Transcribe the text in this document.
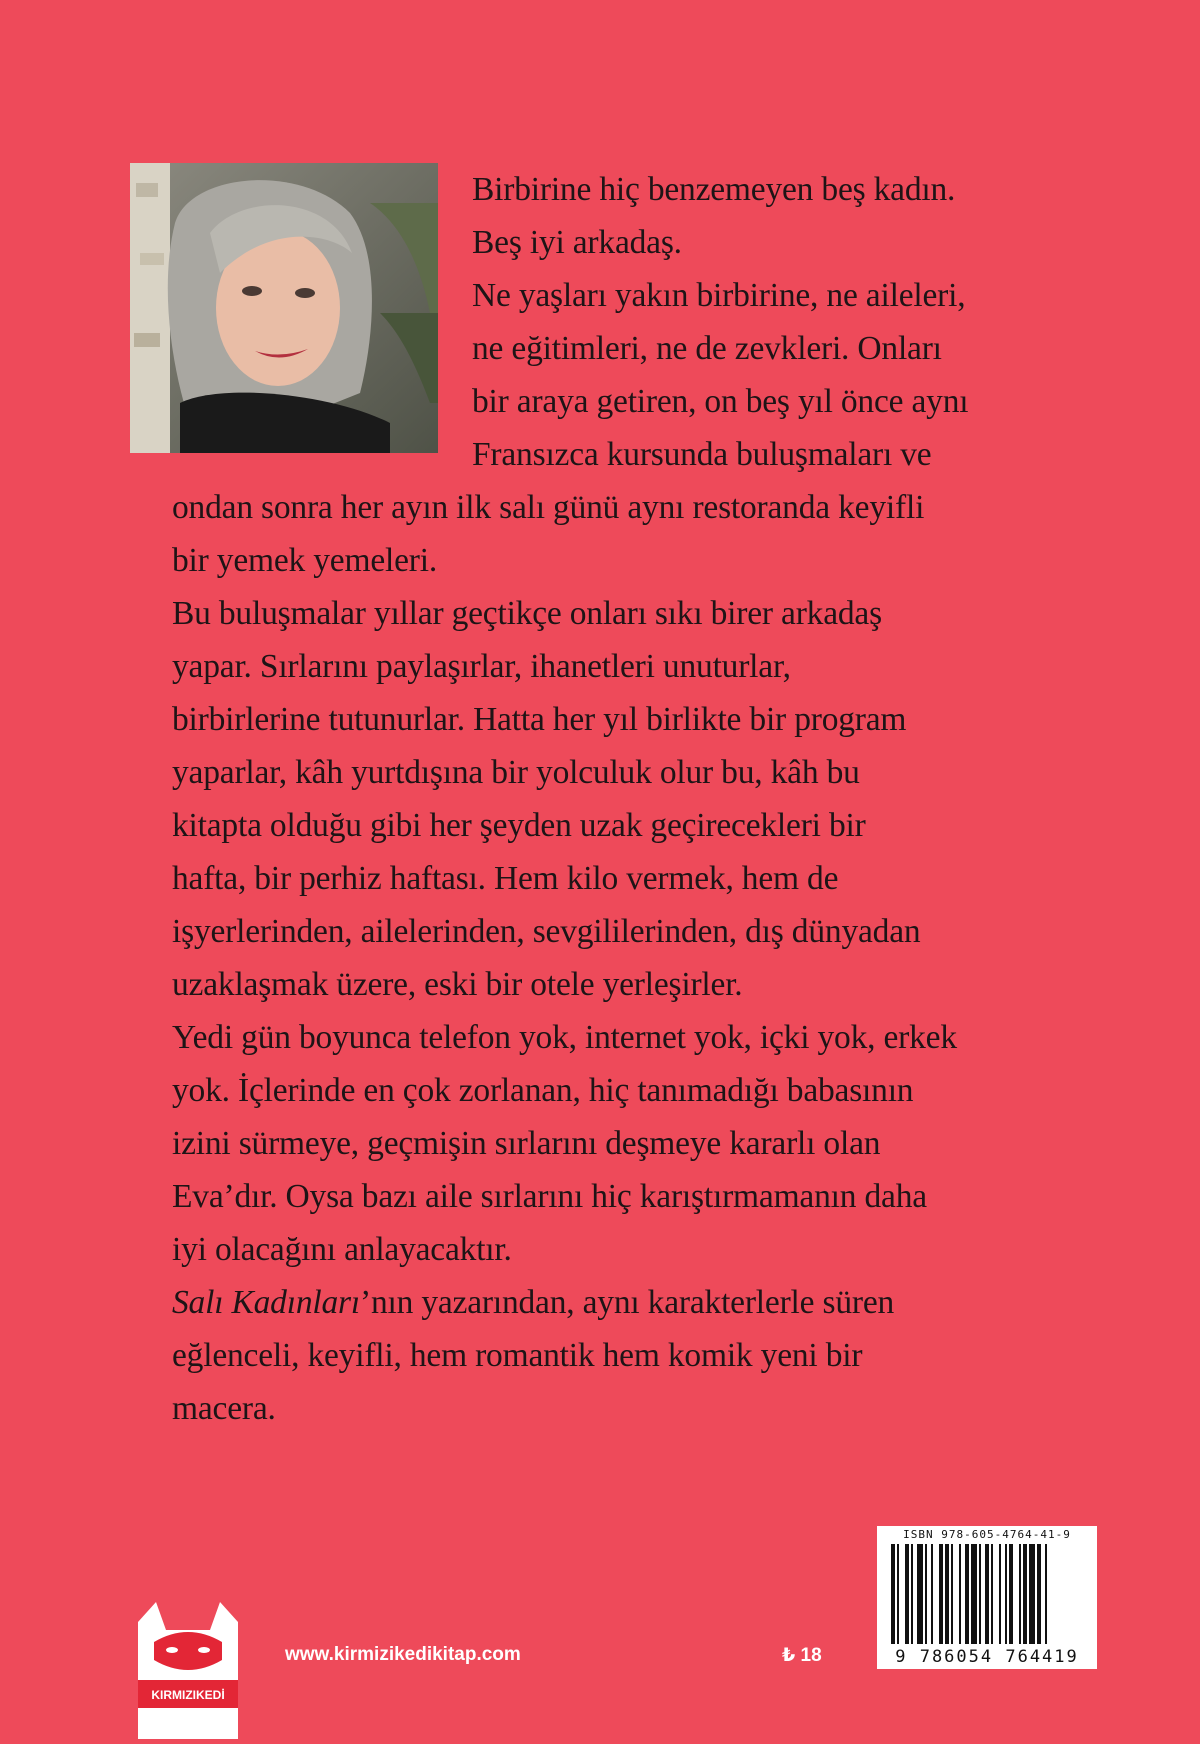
Birbirine hiç benzemeyen beş kadın.
Beş iyi arkadaş.
Ne yaşları yakın birbirine, ne aileleri,
ne eğitimleri, ne de zevkleri. Onları
bir araya getiren, on beş yıl önce aynı
Fransızca kursunda buluşmaları ve
ondan sonra her ayın ilk salı günü aynı restoranda keyifli
bir yemek yemeleri.
Bu buluşmalar yıllar geçtikçe onları sıkı birer arkadaş
yapar. Sırlarını paylaşırlar, ihanetleri unuturlar,
birbirlerine tutunurlar. Hatta her yıl birlikte bir program
yaparlar, kâh yurtdışına bir yolculuk olur bu, kâh bu
kitapta olduğu gibi her şeyden uzak geçirecekleri bir
hafta, bir perhiz haftası. Hem kilo vermek, hem de
işyerlerinden, ailelerinden, sevgililerinden, dış dünyadan
uzaklaşmak üzere, eski bir otele yerleşirler.
Yedi gün boyunca telefon yok, internet yok, içki yok, erkek
yok. İçlerinde en çok zorlanan, hiç tanımadığı babasının
izini sürmeye, geçmişin sırlarını deşmeye kararlı olan
Eva’dır. Oysa bazı aile sırlarını hiç karıştırmamanın daha
iyi olacağını anlayacaktır.
Salı Kadınları’nın yazarından, aynı karakterlerle süren
eğlenceli, keyifli, hem romantik hem komik yeni bir
macera.
KIRMIZIKEDİ
www.kirmizikedikitap.com	₺ 18
ISBN 978-605-4764-41-9
9 786054 764419
